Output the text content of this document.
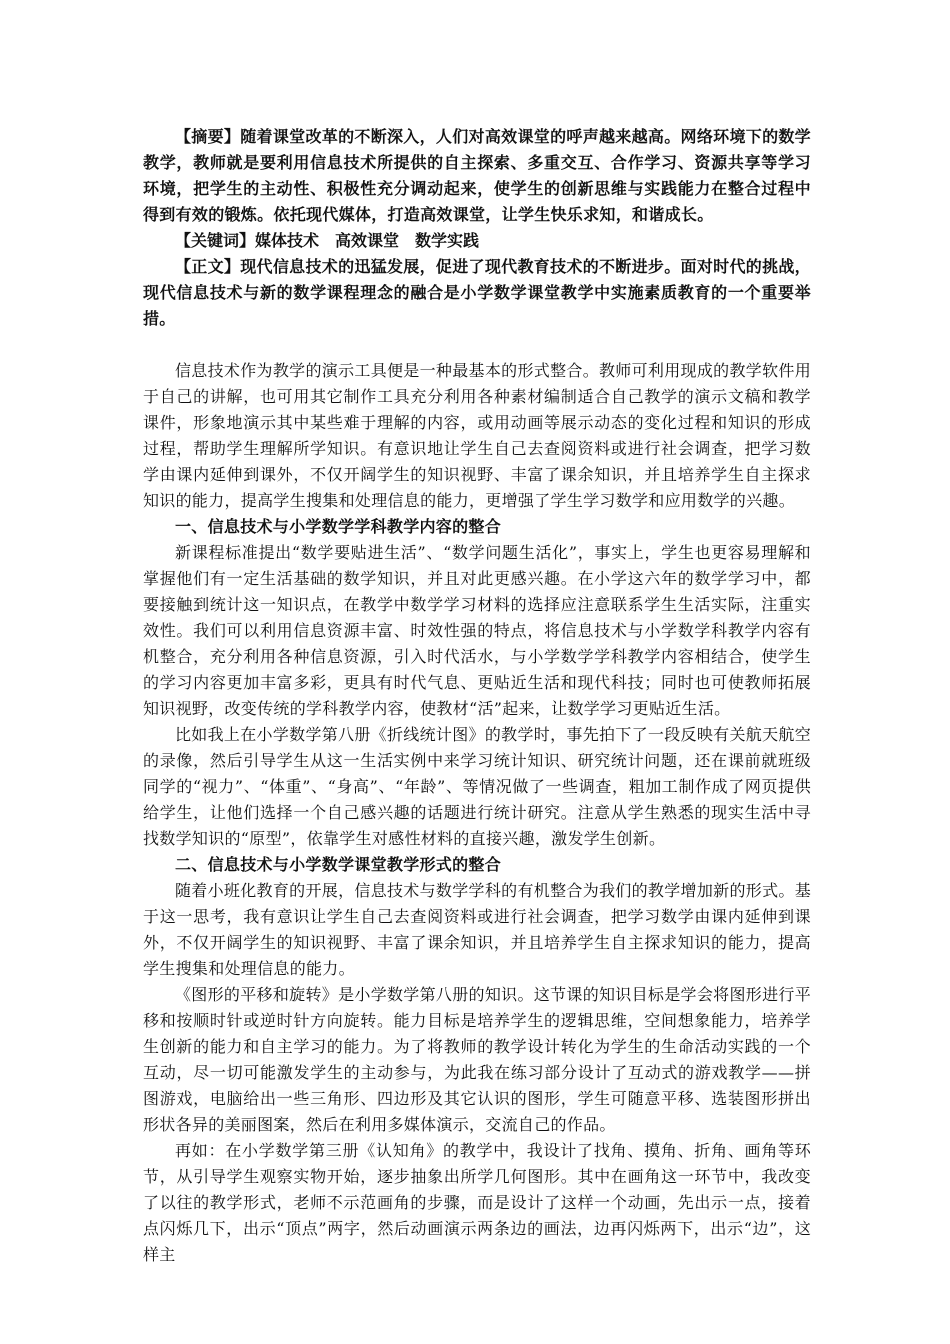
【摘要】随着课堂改革的不断深入，人们对高效课堂的呼声越来越高。网络环境下的数学教学，教师就是要利用信息技术所提供的自主探索、多重交互、合作学习、资源共享等学习环境，把学生的主动性、积极性充分调动起来，使学生的创新思维与实践能力在整合过程中得到有效的锻炼。依托现代媒体，打造高效课堂，让学生快乐求知，和谐成长。

【关键词】媒体技术　高效课堂　数学实践

【正文】现代信息技术的迅猛发展，促进了现代教育技术的不断进步。面对时代的挑战，现代信息技术与新的数学课程理念的融合是小学数学课堂教学中实施素质教育的一个重要举措。

信息技术作为教学的演示工具便是一种最基本的形式整合。教师可利用现成的教学软件用于自己的讲解，也可用其它制作工具充分利用各种素材编制适合自己教学的演示文稿和教学课件，形象地演示其中某些难于理解的内容，或用动画等展示动态的变化过程和知识的形成过程，帮助学生理解所学知识。有意识地让学生自己去查阅资料或进行社会调查，把学习数学由课内延伸到课外，不仅开阔学生的知识视野、丰富了课余知识，并且培养学生自主探求知识的能力，提高学生搜集和处理信息的能力，更增强了学生学习数学和应用数学的兴趣。

一、信息技术与小学数学学科教学内容的整合

新课程标准提出“数学要贴进生活”、“数学问题生活化”，事实上，学生也更容易理解和掌握他们有一定生活基础的数学知识，并且对此更感兴趣。在小学这六年的数学学习中，都要接触到统计这一知识点，在教学中数学学习材料的选择应注意联系学生生活实际，注重实效性。我们可以利用信息资源丰富、时效性强的特点，将信息技术与小学数学科教学内容有机整合，充分利用各种信息资源，引入时代活水，与小学数学学科教学内容相结合，使学生的学习内容更加丰富多彩，更具有时代气息、更贴近生活和现代科技；同时也可使教师拓展知识视野，改变传统的学科教学内容，使教材“活”起来，让数学学习更贴近生活。

比如我上在小学数学第八册《折线统计图》的教学时，事先拍下了一段反映有关航天航空的录像，然后引导学生从这一生活实例中来学习统计知识、研究统计问题，还在课前就班级同学的“视力”、“体重”、“身高”、“年龄”、等情况做了一些调查，粗加工制作成了网页提供给学生，让他们选择一个自己感兴趣的话题进行统计研究。注意从学生熟悉的现实生活中寻找数学知识的“原型”，依靠学生对感性材料的直接兴趣，激发学生创新。

二、信息技术与小学数学课堂教学形式的整合

随着小班化教育的开展，信息技术与数学学科的有机整合为我们的教学增加新的形式。基于这一思考，我有意识让学生自己去查阅资料或进行社会调查，把学习数学由课内延伸到课外，不仅开阔学生的知识视野、丰富了课余知识，并且培养学生自主探求知识的能力，提高学生搜集和处理信息的能力。

《图形的平移和旋转》是小学数学第八册的知识。这节课的知识目标是学会将图形进行平移和按顺时针或逆时针方向旋转。能力目标是培养学生的逻辑思维，空间想象能力，培养学生创新的能力和自主学习的能力。为了将教师的教学设计转化为学生的生命活动实践的一个互动，尽一切可能激发学生的主动参与，为此我在练习部分设计了互动式的游戏教学——拼图游戏，电脑给出一些三角形、四边形及其它认识的图形，学生可随意平移、选装图形拼出形状各异的美丽图案，然后在利用多媒体演示，交流自己的作品。

再如：在小学数学第三册《认知角》的教学中，我设计了找角、摸角、折角、画角等环节，从引导学生观察实物开始，逐步抽象出所学几何图形。其中在画角这一环节中，我改变了以往的教学形式，老师不示范画角的步骤，而是设计了这样一个动画，先出示一点，接着点闪烁几下，出示“顶点”两字，然后动画演示两条边的画法，边再闪烁两下，出示“边”，这样主
